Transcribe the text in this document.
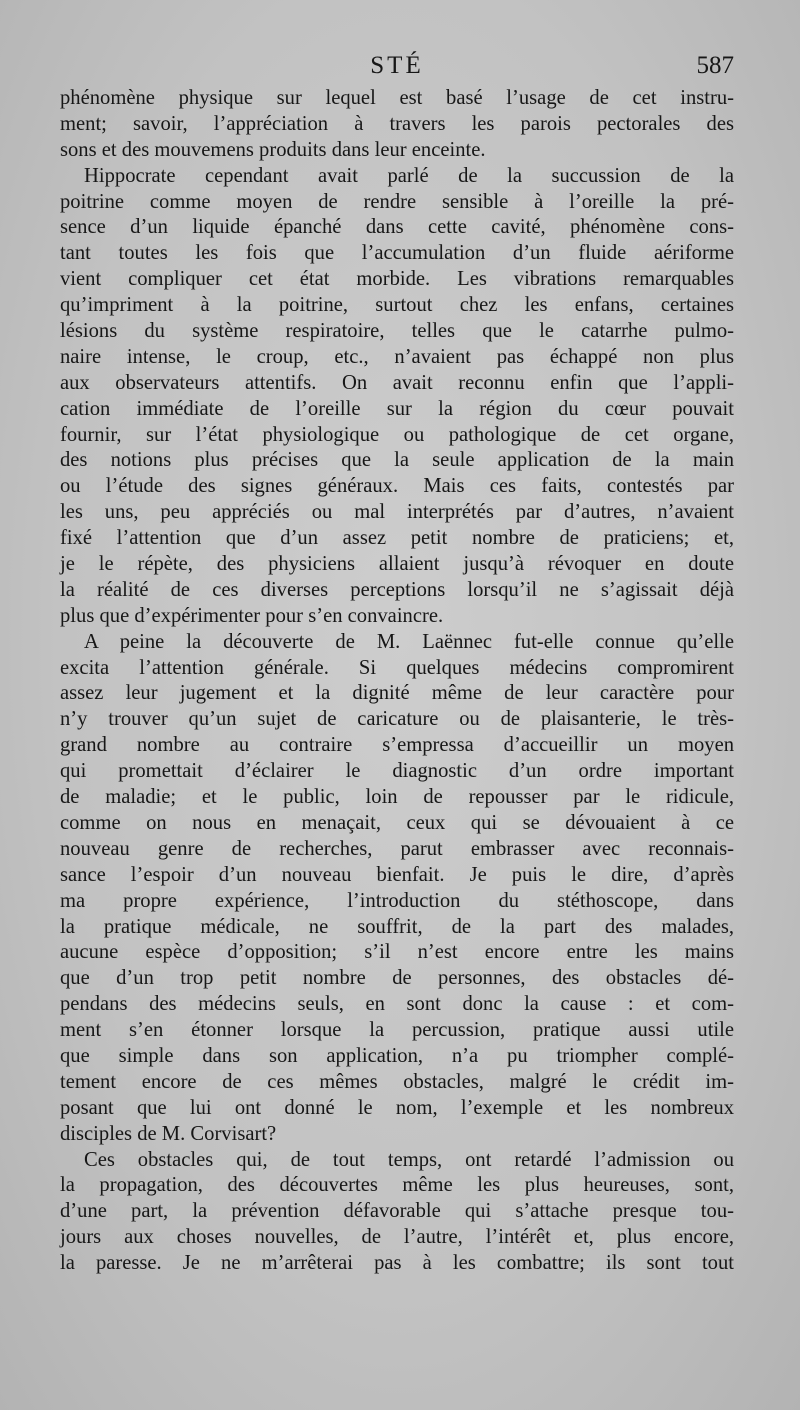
STÉ	587
phénomène physique sur lequel est basé l’usage de cet instru-
ment; savoir, l’appréciation à travers les parois pectorales des
sons et des mouvemens produits dans leur enceinte.
Hippocrate cependant avait parlé de la succussion de la
poitrine comme moyen de rendre sensible à l’oreille la pré-
sence d’un liquide épanché dans cette cavité, phénomène cons-
tant toutes les fois que l’accumulation d’un fluide aériforme
vient compliquer cet état morbide. Les vibrations remarquables
qu’impriment à la poitrine, surtout chez les enfans, certaines
lésions du système respiratoire, telles que le catarrhe pulmo-
naire intense, le croup, etc., n’avaient pas échappé non plus
aux observateurs attentifs. On avait reconnu enfin que l’appli-
cation immédiate de l’oreille sur la région du cœur pouvait
fournir, sur l’état physiologique ou pathologique de cet organe,
des notions plus précises que la seule application de la main
ou l’étude des signes généraux. Mais ces faits, contestés par
les uns, peu appréciés ou mal interprétés par d’autres, n’avaient
fixé l’attention que d’un assez petit nombre de praticiens; et,
je le répète, des physiciens allaient jusqu’à révoquer en doute
la réalité de ces diverses perceptions lorsqu’il ne s’agissait déjà
plus que d’expérimenter pour s’en convaincre.
A peine la découverte de M. Laënnec fut-elle connue qu’elle
excita l’attention générale. Si quelques médecins compromirent
assez leur jugement et la dignité même de leur caractère pour
n’y trouver qu’un sujet de caricature ou de plaisanterie, le très-
grand nombre au contraire s’empressa d’accueillir un moyen
qui promettait d’éclairer le diagnostic d’un ordre important
de maladie; et le public, loin de repousser par le ridicule,
comme on nous en menaçait, ceux qui se dévouaient à ce
nouveau genre de recherches, parut embrasser avec reconnais-
sance l’espoir d’un nouveau bienfait. Je puis le dire, d’après
ma propre expérience, l’introduction du stéthoscope, dans
la pratique médicale, ne souffrit, de la part des malades,
aucune espèce d’opposition; s’il n’est encore entre les mains
que d’un trop petit nombre de personnes, des obstacles dé-
pendans des médecins seuls, en sont donc la cause : et com-
ment s’en étonner lorsque la percussion, pratique aussi utile
que simple dans son application, n’a pu triompher complé-
tement encore de ces mêmes obstacles, malgré le crédit im-
posant que lui ont donné le nom, l’exemple et les nombreux
disciples de M. Corvisart?
Ces obstacles qui, de tout temps, ont retardé l’admission ou
la propagation, des découvertes même les plus heureuses, sont,
d’une part, la prévention défavorable qui s’attache presque tou-
jours aux choses nouvelles, de l’autre, l’intérêt et, plus encore,
la paresse. Je ne m’arrêterai pas à les combattre; ils sont tout
